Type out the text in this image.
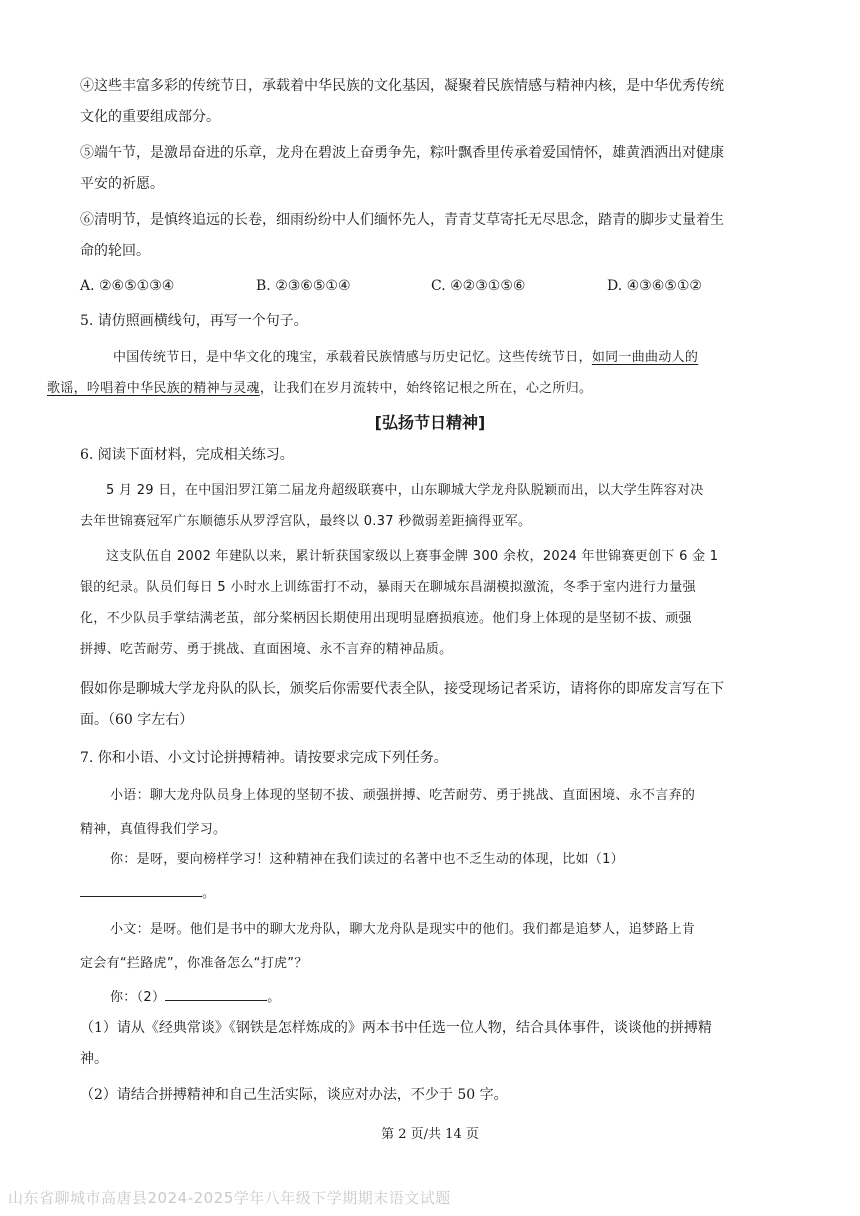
④这些丰富多彩的传统节日，承载着中华民族的文化基因，凝聚着民族情感与精神内核，是中华优秀传统
文化的重要组成部分。

⑤端午节，是激昂奋进的乐章，龙舟在碧波上奋勇争先，粽叶飘香里传承着爱国情怀，雄黄酒洒出对健康
平安的祈愿。

⑥清明节，是慎终追远的长卷，细雨纷纷中人们缅怀先人，青青艾草寄托无尽思念，踏青的脚步丈量着生
命的轮回。

A. ②⑥⑤①③④	B. ②③⑥⑤①④	C. ④②③①⑤⑥	D. ④③⑥⑤①②

5. 请仿照画横线句，再写一个句子。

中国传统节日，是中华文化的瑰宝，承载着民族情感与历史记忆。这些传统节日，如同一曲曲动人的
歌谣，吟唱着中华民族的精神与灵魂，让我们在岁月流转中，始终铭记根之所在，心之所归。

[弘扬节日精神]

6. 阅读下面材料，完成相关练习。

5 月 29 日，在中国汨罗江第二届龙舟超级联赛中，山东聊城大学龙舟队脱颖而出，以大学生阵容对决
去年世锦赛冠军广东顺德乐从罗浮宫队，最终以 0.37 秒微弱差距摘得亚军。

这支队伍自 2002 年建队以来，累计斩获国家级以上赛事金牌 300 余枚，2024 年世锦赛更创下 6 金 1
银的纪录。队员们每日 5 小时水上训练雷打不动，暴雨天在聊城东昌湖模拟激流，冬季于室内进行力量强
化，不少队员手掌结满老茧，部分桨柄因长期使用出现明显磨损痕迹。他们身上体现的是坚韧不拔、顽强
拼搏、吃苦耐劳、勇于挑战、直面困境、永不言弃的精神品质。

假如你是聊城大学龙舟队的队长，颁奖后你需要代表全队，接受现场记者采访，请将你的即席发言写在下
面。（60 字左右）

7. 你和小语、小文讨论拼搏精神。请按要求完成下列任务。

小语：聊大龙舟队员身上体现的坚韧不拔、顽强拼搏、吃苦耐劳、勇于挑战、直面困境、永不言弃的
精神，真值得我们学习。

你：是呀，要向榜样学习！这种精神在我们读过的名著中也不乏生动的体现，比如（1）
。

小文：是呀。他们是书中的聊大龙舟队，聊大龙舟队是现实中的他们。我们都是追梦人，追梦路上肯
定会有“拦路虎”，你准备怎么“打虎”？

你：（2）	。

（1）请从《经典常谈》《钢铁是怎样炼成的》两本书中任选一位人物，结合具体事件，谈谈他的拼搏精
神。

（2）请结合拼搏精神和自己生活实际，谈应对办法，不少于 50 字。

第 2 页/共 14 页
山东省聊城市高唐县2024-2025学年八年级下学期期末语文试题
